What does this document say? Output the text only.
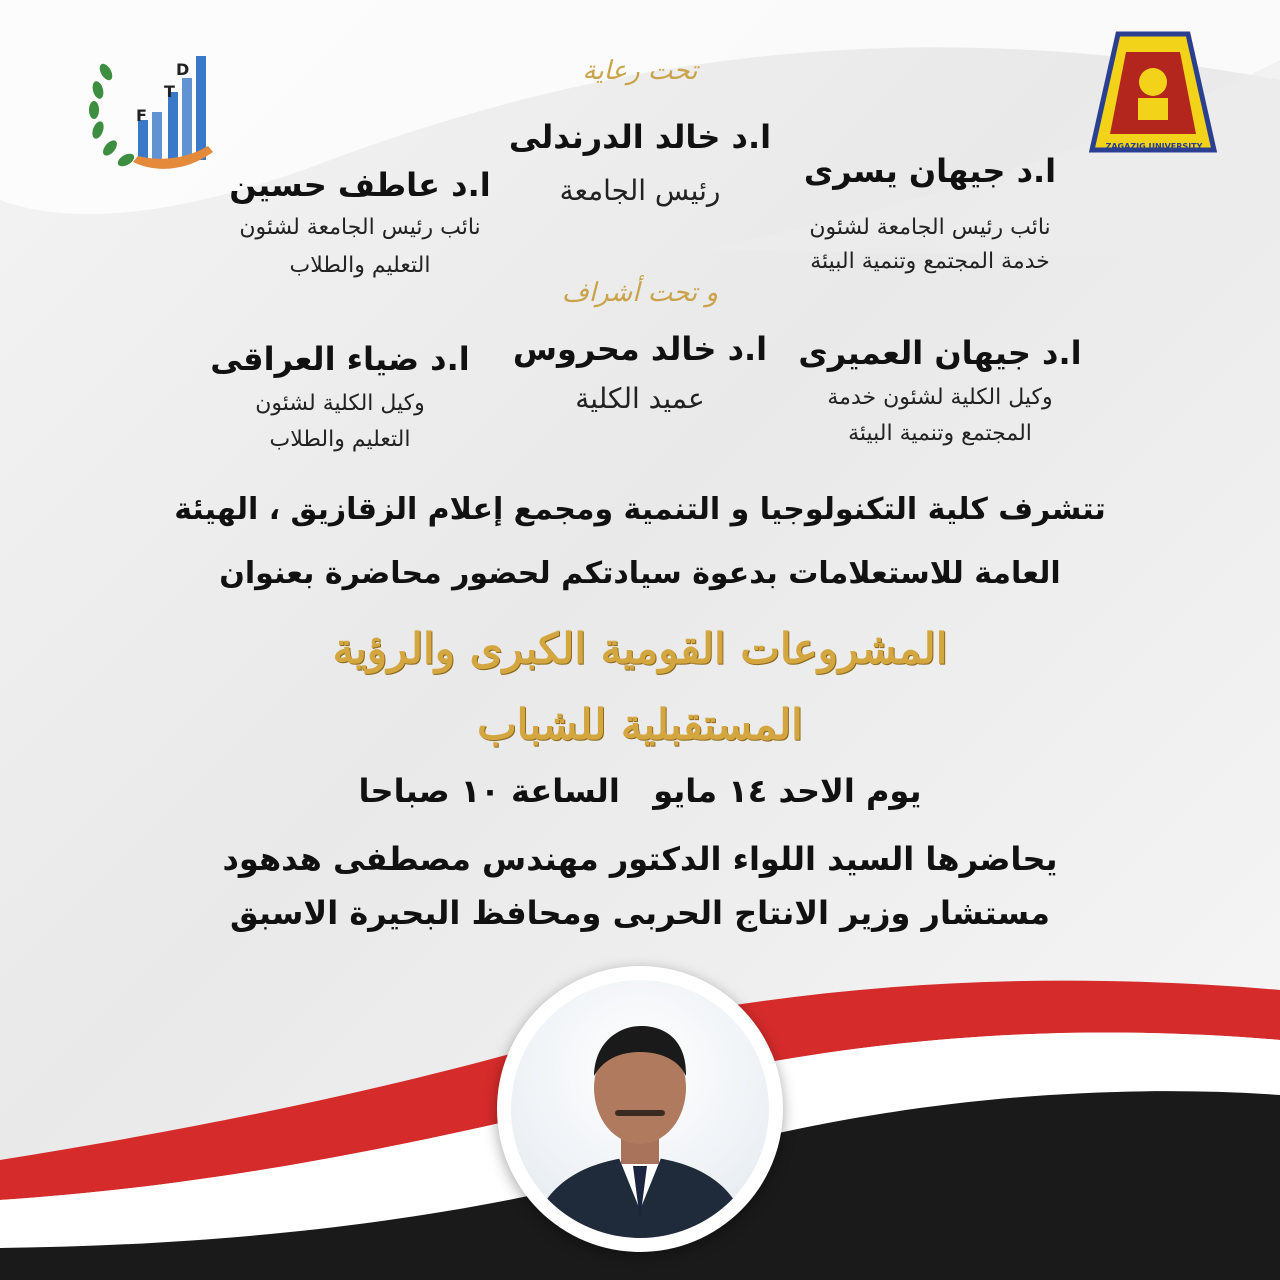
F
T
D
ZAGAZIG UNIVERSITY
تحت رعاية
ا.د خالد الدرندلى
رئيس الجامعة
ا.د جيهان يسرى
نائب رئيس الجامعة لشئون
خدمة المجتمع وتنمية البيئة
ا.د عاطف حسين
نائب رئيس الجامعة لشئون
التعليم والطلاب
و تحت أشراف
ا.د خالد محروس
عميد الكلية
ا.د جيهان العميرى
وكيل الكلية لشئون خدمة
المجتمع وتنمية البيئة
ا.د ضياء العراقى
وكيل الكلية لشئون
التعليم والطلاب
تتشرف كلية التكنولوجيا و التنمية ومجمع إعلام الزقازيق ، الهيئة
العامة للاستعلامات بدعوة سيادتكم لحضور محاضرة بعنوان
المشروعات القومية الكبرى والرؤية
المستقبلية للشباب
يوم الاحد ١٤ مايو   الساعة ١٠ صباحا
يحاضرها السيد اللواء الدكتور مهندس مصطفى هدهود
مستشار وزير الانتاج الحربى ومحافظ البحيرة الاسبق
